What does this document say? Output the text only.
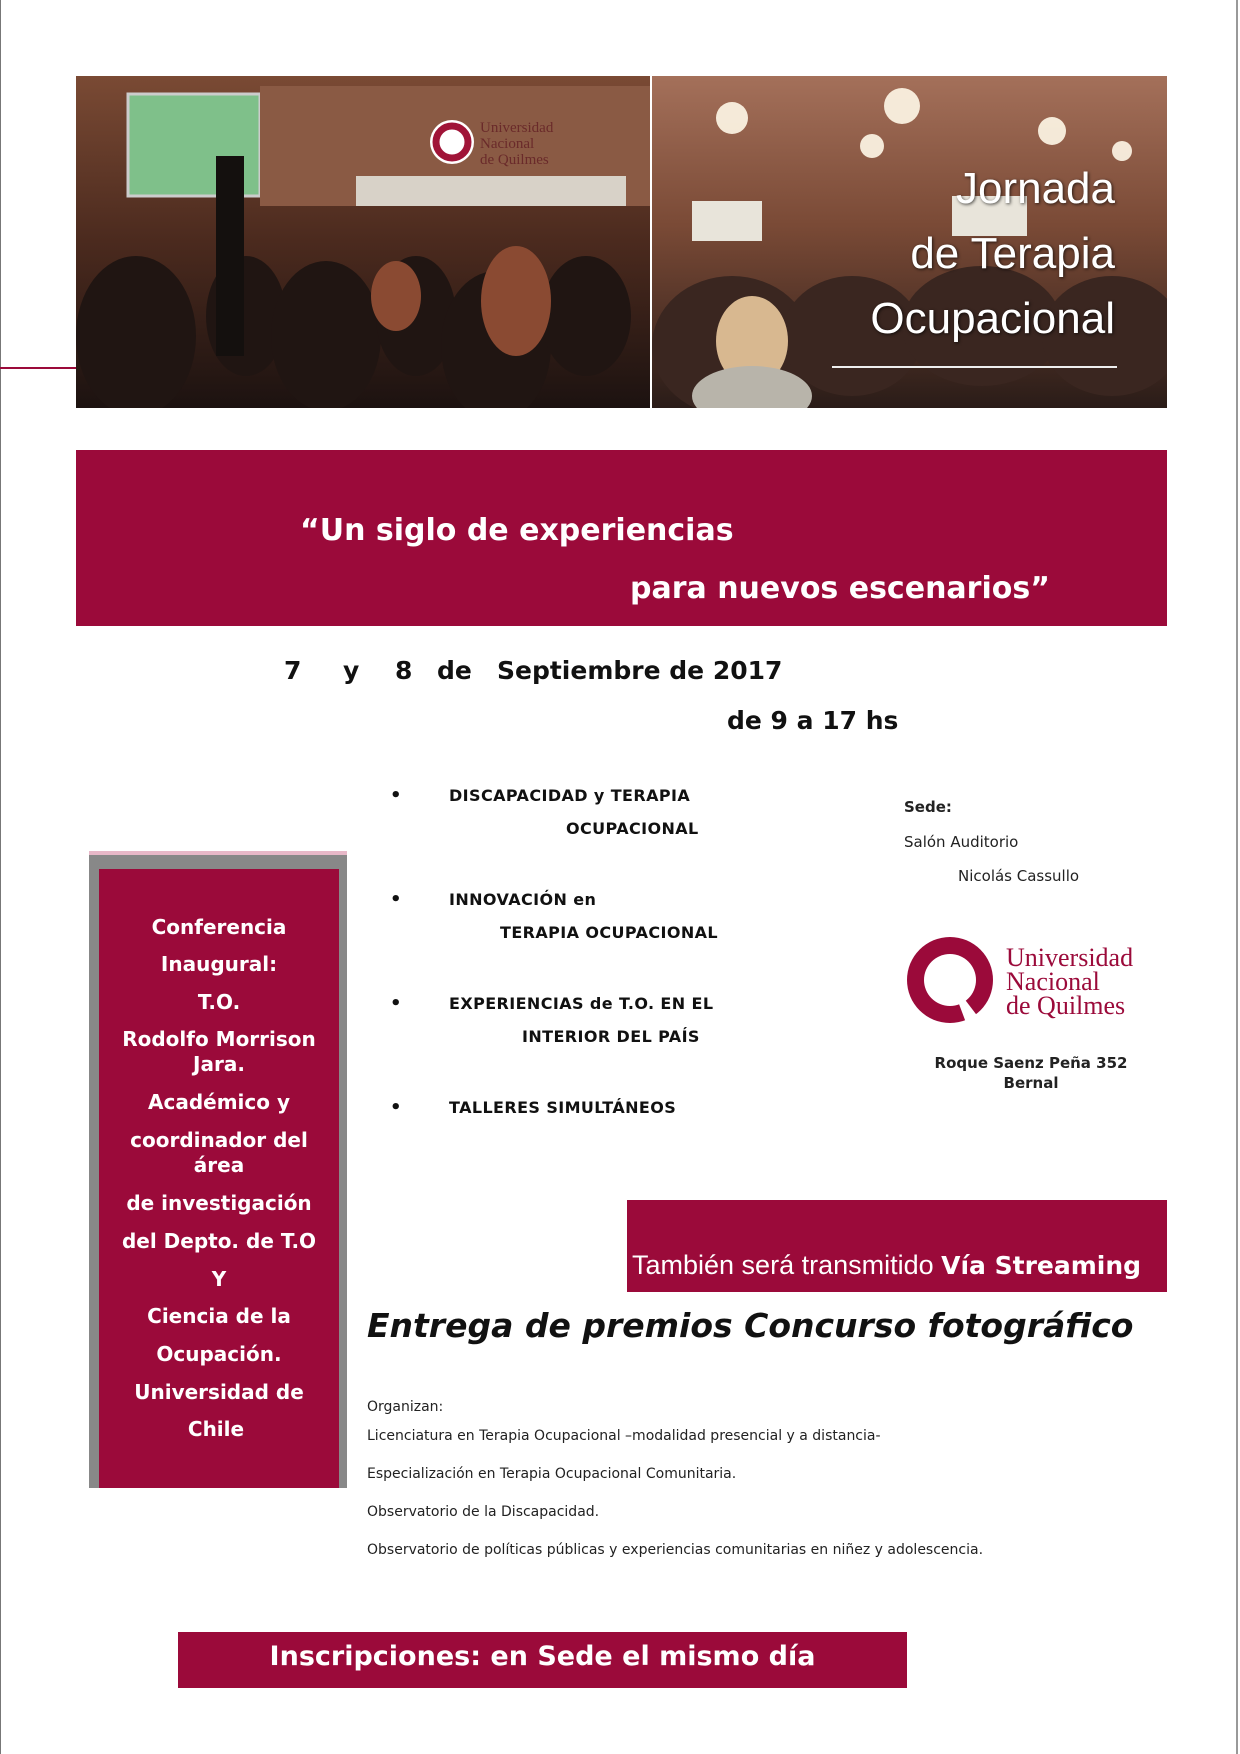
Universidad
Nacional
de Quilmes
Jornada
de Terapia
Ocupacional
“Un siglo de experiencias
para nuevos escenarios”
7 y 8 de Septiembre de 2017
de 9 a 17 hs
•	DISCAPACIDAD y TERAPIA
OCUPACIONAL
•	INNOVACIÓN en
TERAPIA OCUPACIONAL
•	EXPERIENCIAS de T.O. EN EL
INTERIOR DEL PAÍS
•	TALLERES SIMULTÁNEOS
Sede:
Salón Auditorio
Nicolás Cassullo
Universidad
Nacional
de Quilmes
Roque Saenz Peña 352
Bernal
Conferencia
Inaugural:
T.O.
Rodolfo Morrison
Jara.
Académico y
coordinador del
área
de investigación
del Depto. de T.O
Y
Ciencia de la
Ocupación.
Universidad de
Chile
También será transmitido Vía Streaming
Entrega de premios Concurso fotográfico
Organizan:
Licenciatura en Terapia Ocupacional –modalidad presencial y a distancia-
Especialización en Terapia Ocupacional Comunitaria.
Observatorio de la Discapacidad.
Observatorio de políticas públicas y experiencias comunitarias en niñez y adolescencia.
Inscripciones: en Sede el mismo día
